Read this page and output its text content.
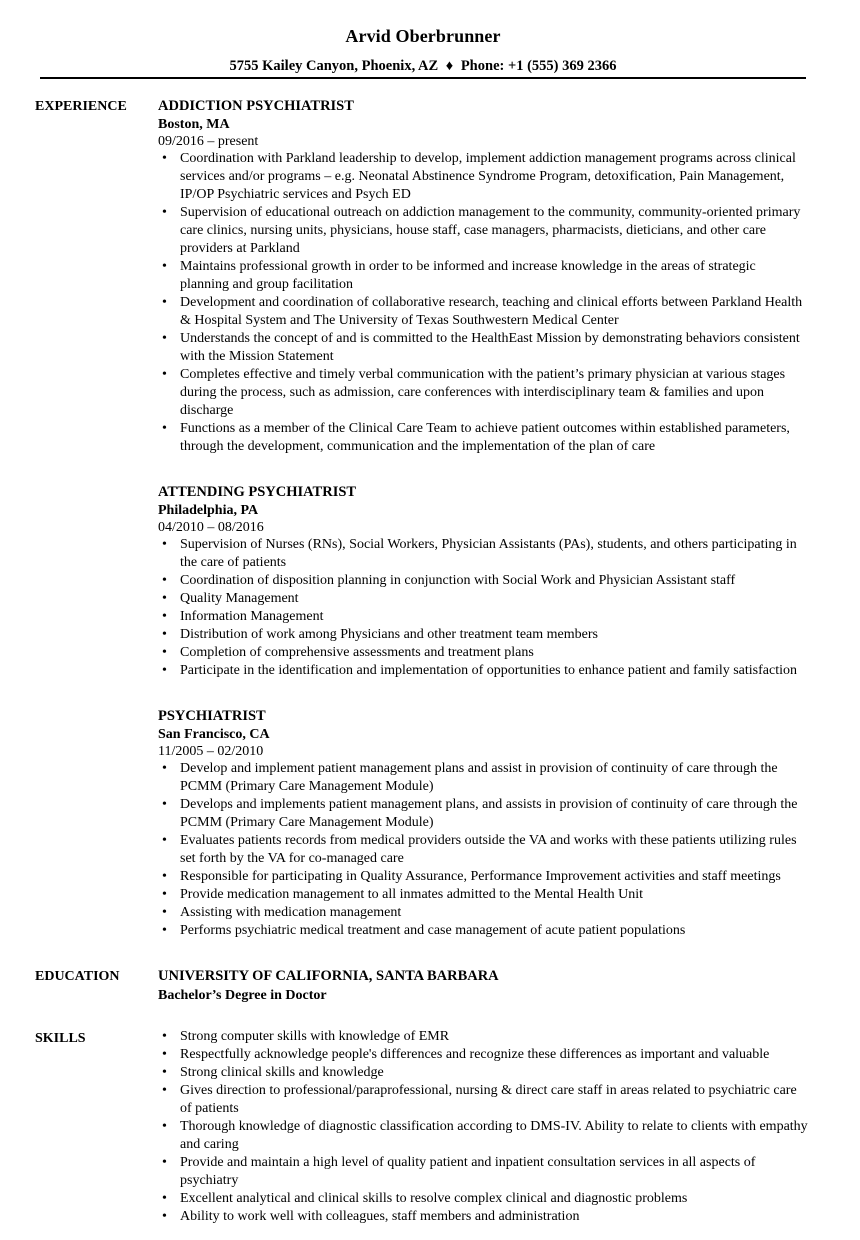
Arvid Oberbrunner
5755 Kailey Canyon, Phoenix, AZ ♦ Phone: +1 (555) 369 2366
EXPERIENCE	ADDICTION PSYCHIATRIST
Boston, MA
09/2016 – present
• Coordination with Parkland leadership to develop, implement addiction management programs across clinical services and/or programs – e.g. Neonatal Abstinence Syndrome Program, detoxification, Pain Management, IP/OP Psychiatric services and Psych ED
• Supervision of educational outreach on addiction management to the community, community-oriented primary care clinics, nursing units, physicians, house staff, case managers, pharmacists, dieticians, and other care providers at Parkland
• Maintains professional growth in order to be informed and increase knowledge in the areas of strategic planning and group facilitation
• Development and coordination of collaborative research, teaching and clinical efforts between Parkland Health & Hospital System and The University of Texas Southwestern Medical Center
• Understands the concept of and is committed to the HealthEast Mission by demonstrating behaviors consistent with the Mission Statement
• Completes effective and timely verbal communication with the patient’s primary physician at various stages during the process, such as admission, care conferences with interdisciplinary team & families and upon discharge
• Functions as a member of the Clinical Care Team to achieve patient outcomes within established parameters, through the development, communication and the implementation of the plan of care
ATTENDING PSYCHIATRIST
Philadelphia, PA
04/2010 – 08/2016
• Supervision of Nurses (RNs), Social Workers, Physician Assistants (PAs), students, and others participating in the care of patients
• Coordination of disposition planning in conjunction with Social Work and Physician Assistant staff
• Quality Management
• Information Management
• Distribution of work among Physicians and other treatment team members
• Completion of comprehensive assessments and treatment plans
• Participate in the identification and implementation of opportunities to enhance patient and family satisfaction
PSYCHIATRIST
San Francisco, CA
11/2005 – 02/2010
• Develop and implement patient management plans and assist in provision of continuity of care through the PCMM (Primary Care Management Module)
• Develops and implements patient management plans, and assists in provision of continuity of care through the PCMM (Primary Care Management Module)
• Evaluates patients records from medical providers outside the VA and works with these patients utilizing rules set forth by the VA for co-managed care
• Responsible for participating in Quality Assurance, Performance Improvement activities and staff meetings
• Provide medication management to all inmates admitted to the Mental Health Unit
• Assisting with medication management
• Performs psychiatric medical treatment and case management of acute patient populations
EDUCATION	UNIVERSITY OF CALIFORNIA, SANTA BARBARA
Bachelor’s Degree in Doctor
SKILLS
•	Strong computer skills with knowledge of EMR
• Respectfully acknowledge people's differences and recognize these differences as important and valuable
• Strong clinical skills and knowledge
• Gives direction to professional/paraprofessional, nursing & direct care staff in areas related to psychiatric care of patients
• Thorough knowledge of diagnostic classification according to DMS-IV. Ability to relate to clients with empathy and caring
• Provide and maintain a high level of quality patient and inpatient consultation services in all aspects of psychiatry
• Excellent analytical and clinical skills to resolve complex clinical and diagnostic problems
• Ability to work well with colleagues, staff members and administration
